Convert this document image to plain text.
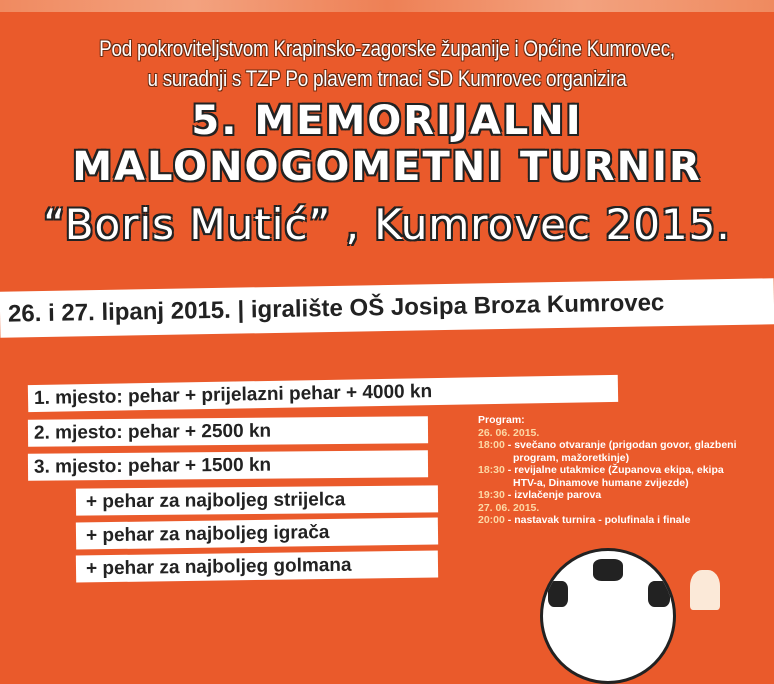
Pod pokroviteljstvom Krapinsko-zagorske županije i Općine Kumrovec,
u suradnji s TZP Po plavem trnaci SD Kumrovec organizira
5. MEMORIJALNI
MALONOGOMETNI TURNIR
“Boris Mutić” , Kumrovec 2015.
26. i 27. lipanj 2015. | igralište OŠ Josipa Broza Kumrovec
1. mjesto: pehar + prijelazni pehar + 4000 kn
2. mjesto: pehar + 2500 kn
3. mjesto: pehar + 1500 kn
+ pehar za najboljeg strijelca
+ pehar za najboljeg igrača
+ pehar za najboljeg golmana
Program:
26. 06. 2015.
18:00 - svečano otvaranje (prigodan govor, glazbeni
program, mažoretkinje)
18:30 - revijalne utakmice (Županova ekipa, ekipa
HTV-a, Dinamove humane zvijezde)
19:30 - izvlačenje parova
27. 06. 2015.
20:00 - nastavak turnira - polufinala i finale
